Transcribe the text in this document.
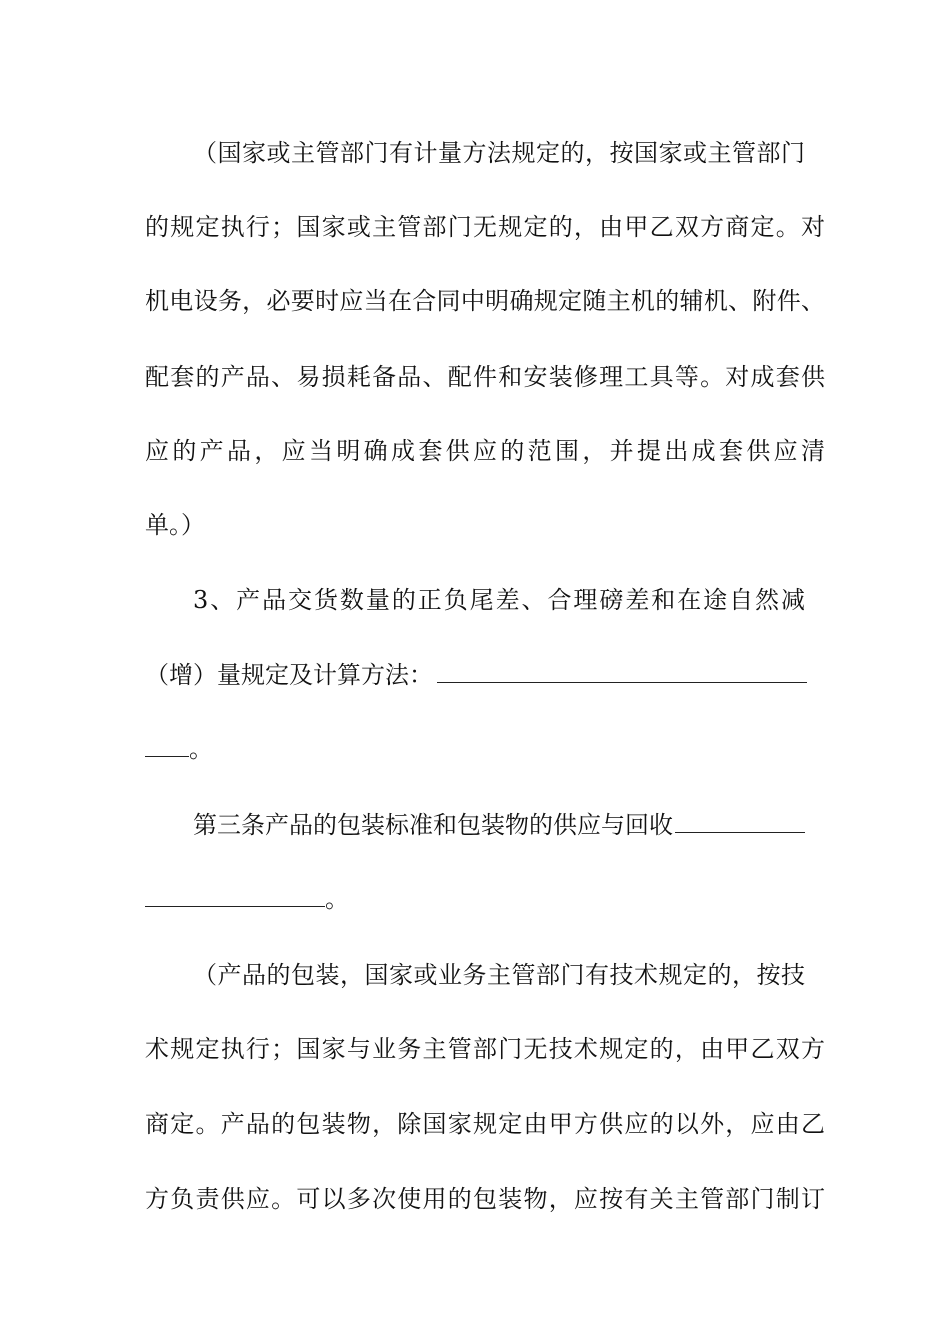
（国家或主管部门有计量方法规定的，按国家或主管部门
的规定执行；国家或主管部门无规定的，由甲乙双方商定。对
机电设务，必要时应当在合同中明确规定随主机的辅机、附件、
配套的产品、易损耗备品、配件和安装修理工具等。对成套供
应的产品，应当明确成套供应的范围，并提出成套供应清
单。）
3、产品交货数量的正负尾差、合理磅差和在途自然减
（增）量规定及计算方法：
。
第三条产品的包装标准和包装物的供应与回收
。
（产品的包装，国家或业务主管部门有技术规定的，按技
术规定执行；国家与业务主管部门无技术规定的，由甲乙双方
商定。产品的包装物，除国家规定由甲方供应的以外，应由乙
方负责供应。可以多次使用的包装物，应按有关主管部门制订
